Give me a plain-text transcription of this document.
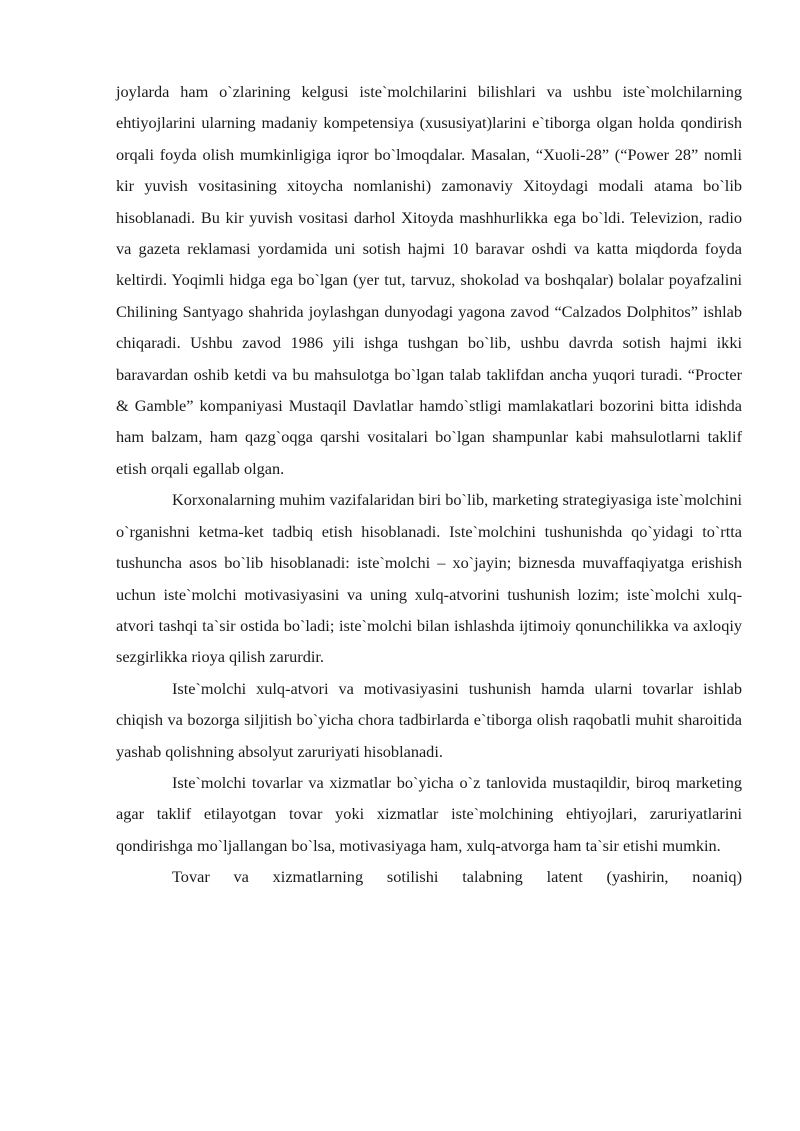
joylarda ham o`zlarining kelgusi iste`molchilarini bilishlari va ushbu iste`molchilarning ehtiyojlarini ularning madaniy kompetensiya (xususiyat)larini e`tiborga olgan holda qondirish orqali foyda olish mumkinligiga iqror bo`lmoqdalar. Masalan, “Xuoli-28” (“Power 28” nomli kir yuvish vositasining xitoycha nomlanishi) zamonaviy Xitoydagi modali atama bo`lib hisoblanadi. Bu kir yuvish vositasi darhol Xitoyda mashhurlikka ega bo`ldi. Televizion, radio va gazeta reklamasi yordamida uni sotish hajmi 10 baravar oshdi va katta miqdorda foyda keltirdi. Yoqimli hidga ega bo`lgan (yer tut, tarvuz, shokolad va boshqalar) bolalar poyafzalini Chilining Santyago shahrida joylashgan dunyodagi yagona zavod “Calzados Dolphitos” ishlab chiqaradi. Ushbu zavod 1986 yili ishga tushgan bo`lib, ushbu davrda sotish hajmi ikki baravardan oshib ketdi va bu mahsulotga bo`lgan talab taklifdan ancha yuqori turadi. “Procter & Gamble” kompaniyasi Mustaqil Davlatlar hamdo`stligi mamlakatlari bozorini bitta idishda ham balzam, ham qazg`oqga qarshi vositalari bo`lgan shampunlar kabi mahsulotlarni taklif etish orqali egallab olgan.

Korxonalarning muhim vazifalaridan biri bo`lib, marketing strategiyasiga iste`molchini o`rganishni ketma-ket tadbiq etish hisoblanadi. Iste`molchini tushunishda qo`yidagi to`rtta tushuncha asos bo`lib hisoblanadi: iste`molchi – xo`jayin; biznesda muvaffaqiyatga erishish uchun iste`molchi motivasiyasini va uning xulq-atvorini tushunish lozim; iste`molchi xulq-atvori tashqi ta`sir ostida bo`ladi; iste`molchi bilan ishlashda ijtimoiy qonunchilikka va axloqiy sezgirlikka rioya qilish zarurdir.

Iste`molchi xulq-atvori va motivasiyasini tushunish hamda ularni tovarlar ishlab chiqish va bozorga siljitish bo`yicha chora tadbirlarda e`tiborga olish raqobatli muhit sharoitida yashab qolishning absolyut zaruriyati hisoblanadi.

Iste`molchi tovarlar va xizmatlar bo`yicha o`z tanlovida mustaqildir, biroq marketing agar taklif etilayotgan tovar yoki xizmatlar iste`molchining ehtiyojlari, zaruriyatlarini qondirishga mo`ljallangan bo`lsa, motivasiyaga ham, xulq-atvorga ham ta`sir etishi mumkin.

Tovar va xizmatlarning sotilishi talabning latent (yashirin, noaniq)
